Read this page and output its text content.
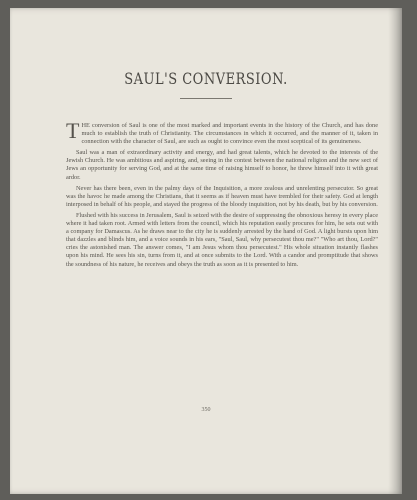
SAUL'S CONVERSION.

THE conversion of Saul is one of the most marked and important events in the history of the Church, and has done much to establish the truth of Christianity. The circumstances in which it occurred, and the manner of it, taken in connection with the character of Saul, are such as ought to convince even the most sceptical of its genuineness.

Saul was a man of extraordinary activity and energy, and had great talents, which he devoted to the interests of the Jewish Church. He was ambitious and aspiring, and, seeing in the contest between the national religion and the new sect of Jews an opportunity for serving God, and at the same time of raising himself to honor, he threw himself into it with great ardor.

Never has there been, even in the palmy days of the Inquisition, a more zealous and unrelenting persecutor. So great was the havoc he made among the Christians, that it seems as if heaven must have trembled for their safety. God at length interposed in behalf of his people, and stayed the progress of the bloody inquisition, not by his death, but by his conversion.

Flushed with his success in Jerusalem, Saul is seized with the desire of suppressing the obnoxious heresy in every place where it had taken root. Armed with letters from the council, which his reputation easily procures for him, he sets out with a company for Damascus. As he draws near to the city he is suddenly arrested by the hand of God. A light bursts upon him that dazzles and blinds him, and a voice sounds in his ears, "Saul, Saul, why persecutest thou me?" "Who art thou, Lord?" cries the astonished man. The answer comes, "I am Jesus whom thou persecutest." His whole situation instantly flashes upon his mind. He sees his sin, turns from it, and at once submits to the Lord. With a candor and promptitude that shows the soundness of his nature, he receives and obeys the truth as soon as it is presented to him.

350
